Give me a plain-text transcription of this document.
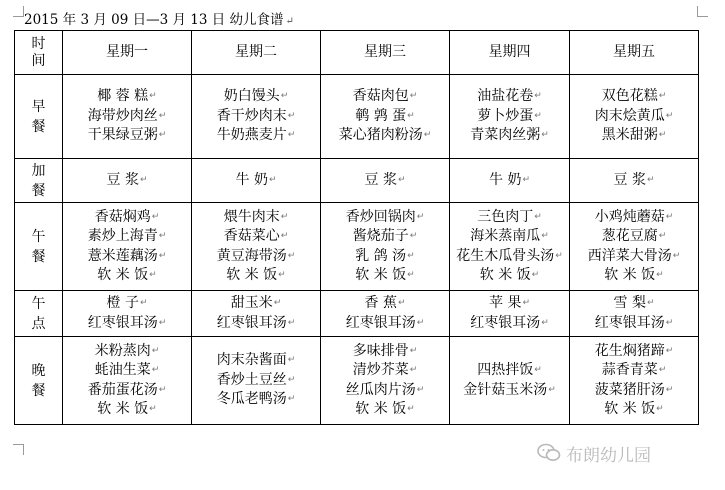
2015 年 3 月 09 日—3 月 13 日 幼儿食谱 ↵
时
间	星期一	星期二	星期三	星期四	星期五

早
餐	椰 蓉 糕↵
海带炒肉丝↵
干果绿豆粥↵	奶白馒头↵
香干炒肉末↵
牛奶燕麦片↵	香菇肉包↵
鹌 鹑 蛋↵
菜心猪肉粉汤↵	油盐花卷↵
萝卜炒蛋↵
青菜肉丝粥↵	双色花糕↵
肉末烩黄瓜↵
黑米甜粥↵

加
餐	豆 浆↵	牛 奶↵	豆 浆↵	牛 奶↵	豆 浆↵

午
餐	香菇焖鸡↵
素炒上海青↵
薏米莲藕汤↵
软 米 饭↵	煨牛肉末↵
香菇菜心↵
黄豆海带汤↵
软 米 饭↵	香炒回锅肉↵
酱烧茄子↵
乳 鸽 汤↵
软 米 饭↵	三色肉丁↵
海米蒸南瓜↵
花生木瓜骨头汤↵
软 米 饭↵	小鸡炖蘑菇↵
葱花豆腐↵
西洋菜大骨汤↵
软 米 饭↵

午
点	橙 子↵
红枣银耳汤↵	甜玉米↵
红枣银耳汤↵	香 蕉↵
红枣银耳汤↵	苹 果↵
红枣银耳汤↵	雪 梨↵
红枣银耳汤↵

晚
餐	米粉蒸肉↵
蚝油生菜↵
番茄蛋花汤↵
软 米 饭↵	肉末杂酱面↵
香炒土豆丝↵
冬瓜老鸭汤↵	多味排骨↵
清炒芥菜↵
丝瓜肉片汤↵
软 米 饭↵	四热拌饭↵
金针菇玉米汤↵	花生焖猪蹄↵
蒜香青菜↵
菠菜猪肝汤↵
软 米 饭↵
布朗幼儿园
